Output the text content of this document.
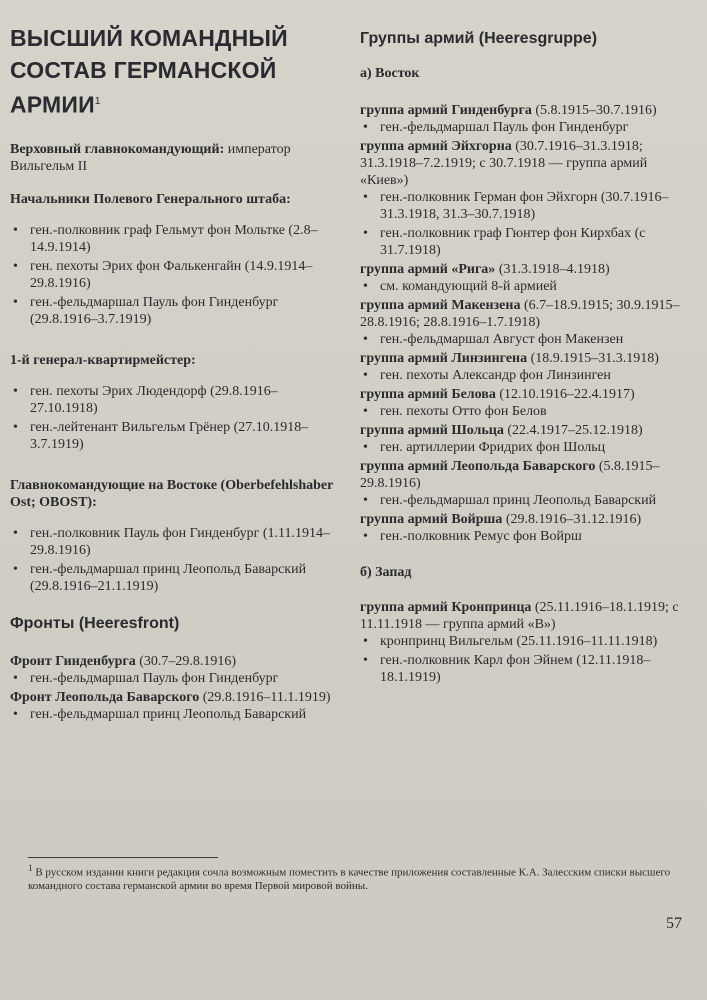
ВЫСШИЙ КОМАНДНЫЙ СОСТАВ ГЕРМАНСКОЙ АРМИИ$^1$
Верховный главнокомандующий: император Вильгельм II
Начальники Полевого Генерального штаба:
• ген.-полковник граф Гельмут фон Мольтке (2.8–14.9.1914)
• ген. пехоты Эрих фон Фалькенгайн (14.9.1914–29.8.1916)
• ген.-фельдмаршал Пауль фон Гинденбург (29.8.1916–3.7.1919)
1-й генерал-квартирмейстер:
• ген. пехоты Эрих Людендорф (29.8.1916–27.10.1918)
• ген.-лейтенант Вильгельм Грёнер (27.10.1918–3.7.1919)
Главнокомандующие на Востоке (Oberbefehlshaber Ost; OBOST):
• ген.-полковник Пауль фон Гинденбург (1.11.1914–29.8.1916)
• ген.-фельдмаршал принц Леопольд Баварский (29.8.1916–21.1.1919)
Фронты (Heeresfront)
Фронт Гинденбурга (30.7–29.8.1916)
• ген.-фельдмаршал Пауль фон Гинденбург
Фронт Леопольда Баварского (29.8.1916–11.1.1919)
• ген.-фельдмаршал принц Леопольд Баварский
Группы армий (Heeresgruppe)
а) Восток
группа армий Гинденбурга (5.8.1915–30.7.1916)
• ген.-фельдмаршал Пауль фон Гинденбург
группа армий Эйхгорна (30.7.1916–31.3.1918; 31.3.1918–7.2.1919; с 30.7.1918 — группа армий «Киев»)
• ген.-полковник Герман фон Эйхгорн (30.7.1916–31.3.1918, 31.3–30.7.1918)
• ген.-полковник граф Гюнтер фон Кирхбах (с 31.7.1918)
группа армий «Рига» (31.3.1918–4.1918)
• см. командующий 8-й армией
группа армий Макензена (6.7–18.9.1915; 30.9.1915–28.8.1916; 28.8.1916–1.7.1918)
• ген.-фельдмаршал Август фон Макензен
группа армий Линзингена (18.9.1915–31.3.1918)
• ген. пехоты Александр фон Линзинген
группа армий Белова (12.10.1916–22.4.1917)
• ген. пехоты Отто фон Белов
группа армий Шольца (22.4.1917–25.12.1918)
• ген. артиллерии Фридрих фон Шольц
группа армий Леопольда Баварского (5.8.1915–29.8.1916)
• ген.-фельдмаршал принц Леопольд Баварский
группа армий Войрша (29.8.1916–31.12.1916)
• ген.-полковник Ремус фон Войрш
б) Запад
группа армий Кронпринца (25.11.1916–18.1.1919; с 11.11.1918 — группа армий «В»)
• кронпринц Вильгельм (25.11.1916–11.11.1918)
• ген.-полковник Карл фон Эйнем (12.11.1918–18.1.1919)
$^1$ В русском издании книги редакция сочла возможным поместить в качестве приложения составленные К.А. Залесским списки высшего командного состава германской армии во время Первой мировой войны.
57
